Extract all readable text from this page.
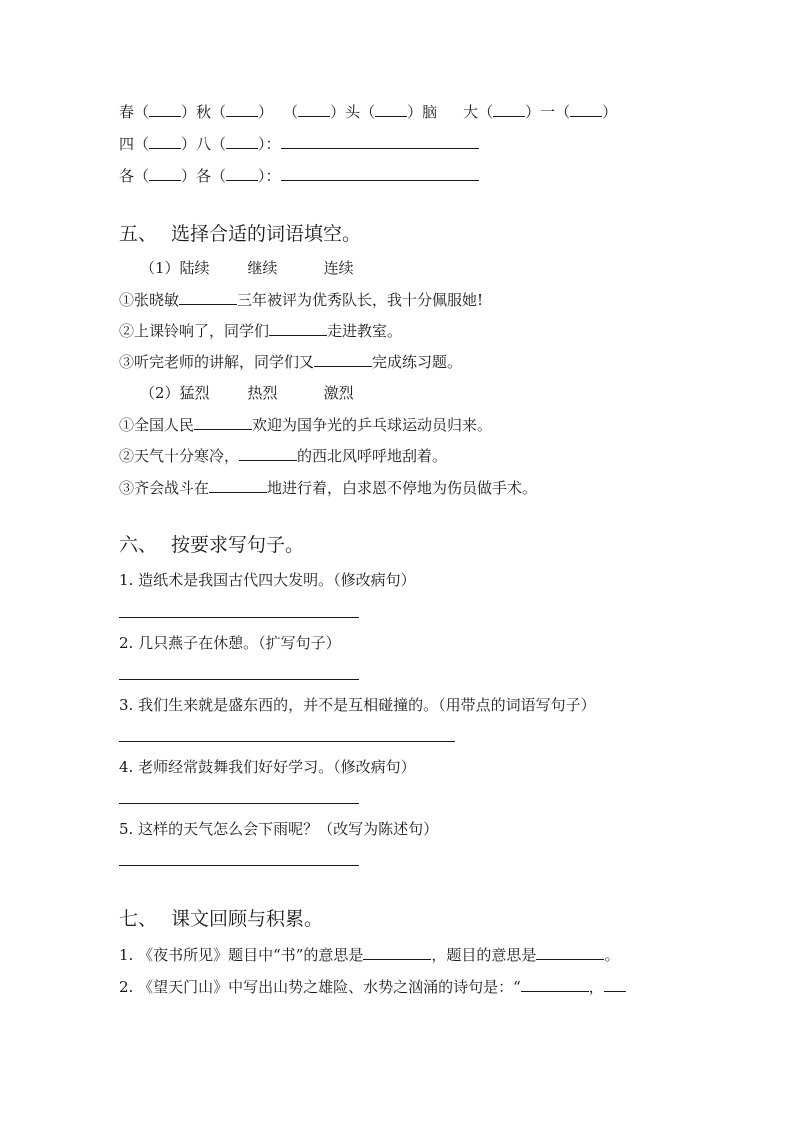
春（ ）秋（ ） （ ）头（ ）脑 大（ ）一（ ）
四（ ）八（ ）：
各（ ）各（ ）：
五、 选择合适的词语填空。
（1）陆续	继续	连续
①张晓敏	三年被评为优秀队长，我十分佩服她!
②上课铃响了，同学们	走进教室。
③听完老师的讲解，同学们又	完成练习题。
（2）猛烈	热烈	激烈
①全国人民	欢迎为国争光的乒乓球运动员归来。
②天气十分寒冷，	的西北风呼呼地刮着。
③齐会战斗在	地进行着，白求恩不停地为伤员做手术。
六、 按要求写句子。
1. 造纸术是我国古代四大发明。（修改病句）
2. 几只燕子在休憩。（扩写句子）
3. 我们生来就是盛东西的，并不是互相碰撞的。（用带点的词语写句子）
4. 老师经常鼓舞我们好好学习。（修改病句）
5. 这样的天气怎么会下雨呢？（改写为陈述句）
七、 课文回顾与积累。
1. 《夜书所见》题目中“书”的意思是	，题目的意思是	。
2. 《望天门山》中写出山势之雄险、水势之汹涌的诗句是：“	，
